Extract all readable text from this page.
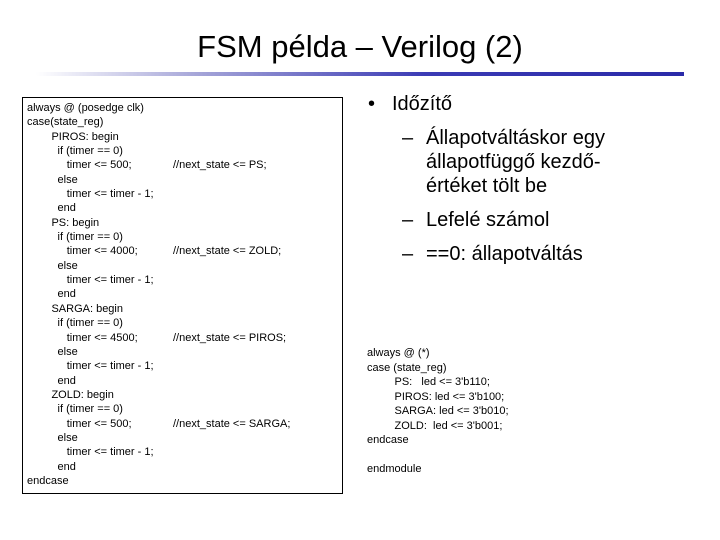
FSM példa – Verilog (2)
always @ (posedge clk)
case(state_reg)
PIROS: begin
if (timer == 0)
timer <= 500;	//next_state <= PS;
else
timer <= timer - 1;
end
PS: begin
if (timer == 0)
timer <= 4000;	//next_state <= ZOLD;
else
timer <= timer - 1;
end
SARGA: begin
if (timer == 0)
timer <= 4500;	//next_state <= PIROS;
else
timer <= timer - 1;
end
ZOLD: begin
if (timer == 0)
timer <= 500;	//next_state <= SARGA;
else
timer <= timer - 1;
end
endcase
• Időzítő
– Állapotváltáskor egy
állapotfüggő kezdő-
értéket tölt be
– Lefelé számol
– ==0: állapotváltás
always @ (*)
case (state_reg)
PS:   led <= 3'b110;
PIROS: led <= 3'b100;
SARGA: led <= 3'b010;
ZOLD:  led <= 3'b001;
endcase
endmodule
